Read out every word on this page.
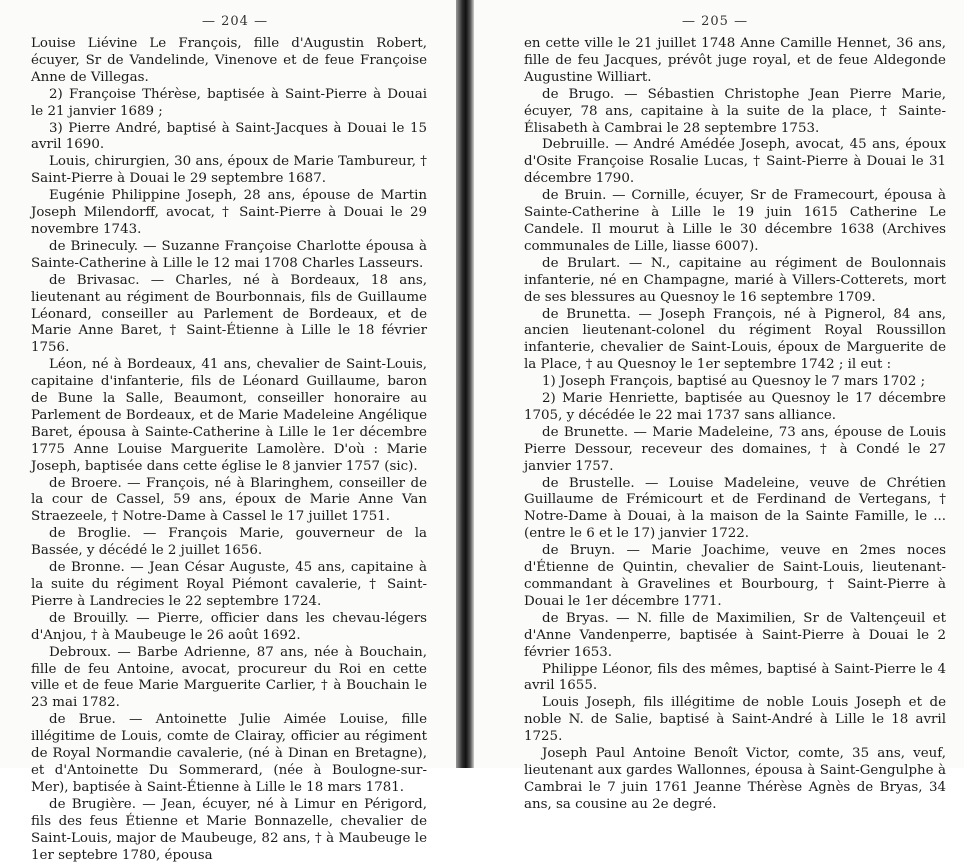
— 204 —

Louise Liévine Le François, fille d'Augustin Robert, écuyer, Sr de Vandelinde, Vinenove et de feue Françoise Anne de Villegas.

2) Françoise Thérèse, baptisée à Saint-Pierre à Douai le 21 janvier 1689 ;

3) Pierre André, baptisé à Saint-Jacques à Douai le 15 avril 1690.

Louis, chirurgien, 30 ans, époux de Marie Tambureur, † Saint-Pierre à Douai le 29 septembre 1687.

Eugénie Philippine Joseph, 28 ans, épouse de Martin Joseph Milendorff, avocat, † Saint-Pierre à Douai le 29 novembre 1743.

de Brineculy. — Suzanne Françoise Charlotte épousa à Sainte-Catherine à Lille le 12 mai 1708 Charles Lasseurs.

de Brivasac. — Charles, né à Bordeaux, 18 ans, lieutenant au régiment de Bourbonnais, fils de Guillaume Léonard, conseiller au Parlement de Bordeaux, et de Marie Anne Baret, † Saint-Étienne à Lille le 18 février 1756.

Léon, né à Bordeaux, 41 ans, chevalier de Saint-Louis, capitaine d'infanterie, fils de Léonard Guillaume, baron de Bune la Salle, Beaumont, conseiller honoraire au Parlement de Bordeaux, et de Marie Madeleine Angélique Baret, épousa à Sainte-Catherine à Lille le 1er décembre 1775 Anne Louise Marguerite Lamolère. D'où : Marie Joseph, baptisée dans cette église le 8 janvier 1757 (sic).

de Broere. — François, né à Blaringhem, conseiller de la cour de Cassel, 59 ans, époux de Marie Anne Van Straezeele, † Notre-Dame à Cassel le 17 juillet 1751.

de Broglie. — François Marie, gouverneur de la Bassée, y décédé le 2 juillet 1656.

de Bronne. — Jean César Auguste, 45 ans, capitaine à la suite du régiment Royal Piémont cavalerie, † Saint-Pierre à Landrecies le 22 septembre 1724.

de Brouilly. — Pierre, officier dans les chevau-légers d'Anjou, † à Maubeuge le 26 août 1692.

Debroux. — Barbe Adrienne, 87 ans, née à Bouchain, fille de feu Antoine, avocat, procureur du Roi en cette ville et de feue Marie Marguerite Carlier, † à Bouchain le 23 mai 1782.

de Brue. — Antoinette Julie Aimée Louise, fille illégitime de Louis, comte de Clairay, officier au régiment de Royal Normandie cavalerie, (né à Dinan en Bretagne), et d'Antoinette Du Sommerard, (née à Boulogne-sur-Mer), baptisée à Saint-Étienne à Lille le 18 mars 1781.

de Brugière. — Jean, écuyer, né à Limur en Périgord, fils des feus Étienne et Marie Bonnazelle, chevalier de Saint-Louis, major de Maubeuge, 82 ans, † à Maubeuge le 1er septebre 1780, épousa

— 205 —

en cette ville le 21 juillet 1748 Anne Camille Hennet, 36 ans, fille de feu Jacques, prévôt juge royal, et de feue Aldegonde Augustine Williart.

de Brugo. — Sébastien Christophe Jean Pierre Marie, écuyer, 78 ans, capitaine à la suite de la place, † Sainte-Élisabeth à Cambrai le 28 septembre 1753.

Debruille. — André Amédée Joseph, avocat, 45 ans, époux d'Osite Françoise Rosalie Lucas, † Saint-Pierre à Douai le 31 décembre 1790.

de Bruin. — Cornille, écuyer, Sr de Framecourt, épousa à Sainte-Catherine à Lille le 19 juin 1615 Catherine Le Candele. Il mourut à Lille le 30 décembre 1638 (Archives communales de Lille, liasse 6007).

de Brulart. — N., capitaine au régiment de Boulonnais infanterie, né en Champagne, marié à Villers-Cotterets, mort de ses blessures au Quesnoy le 16 septembre 1709.

de Brunetta. — Joseph François, né à Pignerol, 84 ans, ancien lieutenant-colonel du régiment Royal Roussillon infanterie, chevalier de Saint-Louis, époux de Marguerite de la Place, † au Quesnoy le 1er septembre 1742 ; il eut :

1) Joseph François, baptisé au Quesnoy le 7 mars 1702 ;

2) Marie Henriette, baptisée au Quesnoy le 17 décembre 1705, y décédée le 22 mai 1737 sans alliance.

de Brunette. — Marie Madeleine, 73 ans, épouse de Louis Pierre Dessour, receveur des domaines, † à Condé le 27 janvier 1757.

de Brustelle. — Louise Madeleine, veuve de Chrétien Guillaume de Frémicourt et de Ferdinand de Vertegans, † Notre-Dame à Douai, à la maison de la Sainte Famille, le ... (entre le 6 et le 17) janvier 1722.

de Bruyn. — Marie Joachime, veuve en 2mes noces d'Étienne de Quintin, chevalier de Saint-Louis, lieutenant-commandant à Gravelines et Bourbourg, † Saint-Pierre à Douai le 1er décembre 1771.

de Bryas. — N. fille de Maximilien, Sr de Valtençeuil et d'Anne Vandenperre, baptisée à Saint-Pierre à Douai le 2 février 1653.

Philippe Léonor, fils des mêmes, baptisé à Saint-Pierre le 4 avril 1655.

Louis Joseph, fils illégitime de noble Louis Joseph et de noble N. de Salie, baptisé à Saint-André à Lille le 18 avril 1725.

Joseph Paul Antoine Benoît Victor, comte, 35 ans, veuf, lieutenant aux gardes Wallonnes, épousa à Saint-Gengulphe à Cambrai le 7 juin 1761 Jeanne Thérèse Agnès de Bryas, 34 ans, sa cousine au 2e degré.
